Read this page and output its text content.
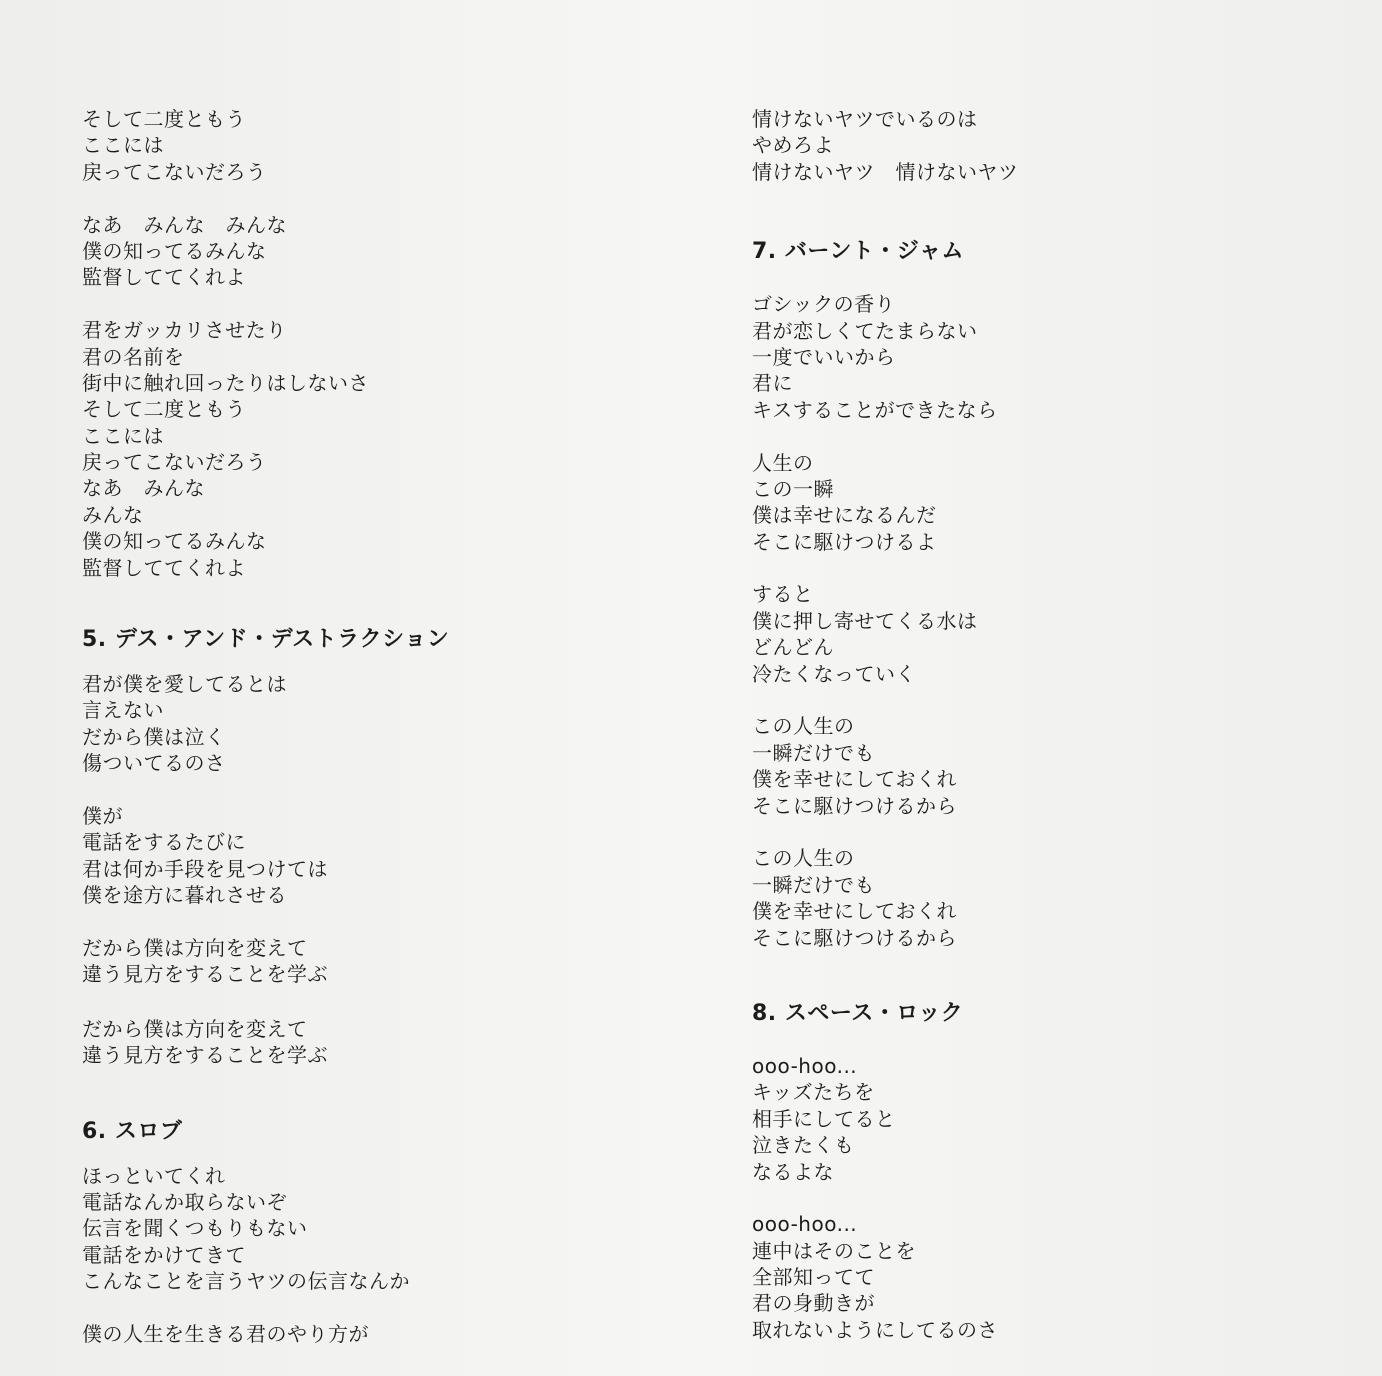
そして二度ともう
ここには
戻ってこないだろう
なあ　みんな　みんな
僕の知ってるみんな
監督しててくれよ
君をガッカリさせたり
君の名前を
街中に触れ回ったりはしないさ
そして二度ともう
ここには
戻ってこないだろう
なあ　みんな
みんな
僕の知ってるみんな
監督しててくれよ
5. デス・アンド・デストラクション
君が僕を愛してるとは
言えない
だから僕は泣く
傷ついてるのさ
僕が
電話をするたびに
君は何か手段を見つけては
僕を途方に暮れさせる
だから僕は方向を変えて
違う見方をすることを学ぶ
だから僕は方向を変えて
違う見方をすることを学ぶ
6. スロブ
ほっといてくれ
電話なんか取らないぞ
伝言を聞くつもりもない
電話をかけてきて
こんなことを言うヤツの伝言なんか
僕の人生を生きる君のやり方が
情けないヤツでいるのは
やめろよ
情けないヤツ　情けないヤツ
7. バーント・ジャム
ゴシックの香り
君が恋しくてたまらない
一度でいいから
君に
キスすることができたなら
人生の
この一瞬
僕は幸せになるんだ
そこに駆けつけるよ
すると
僕に押し寄せてくる水は
どんどん
冷たくなっていく
この人生の
一瞬だけでも
僕を幸せにしておくれ
そこに駆けつけるから
この人生の
一瞬だけでも
僕を幸せにしておくれ
そこに駆けつけるから
8. スペース・ロック
ooo-hoo...
キッズたちを
相手にしてると
泣きたくも
なるよな
ooo-hoo...
連中はそのことを
全部知ってて
君の身動きが
取れないようにしてるのさ
